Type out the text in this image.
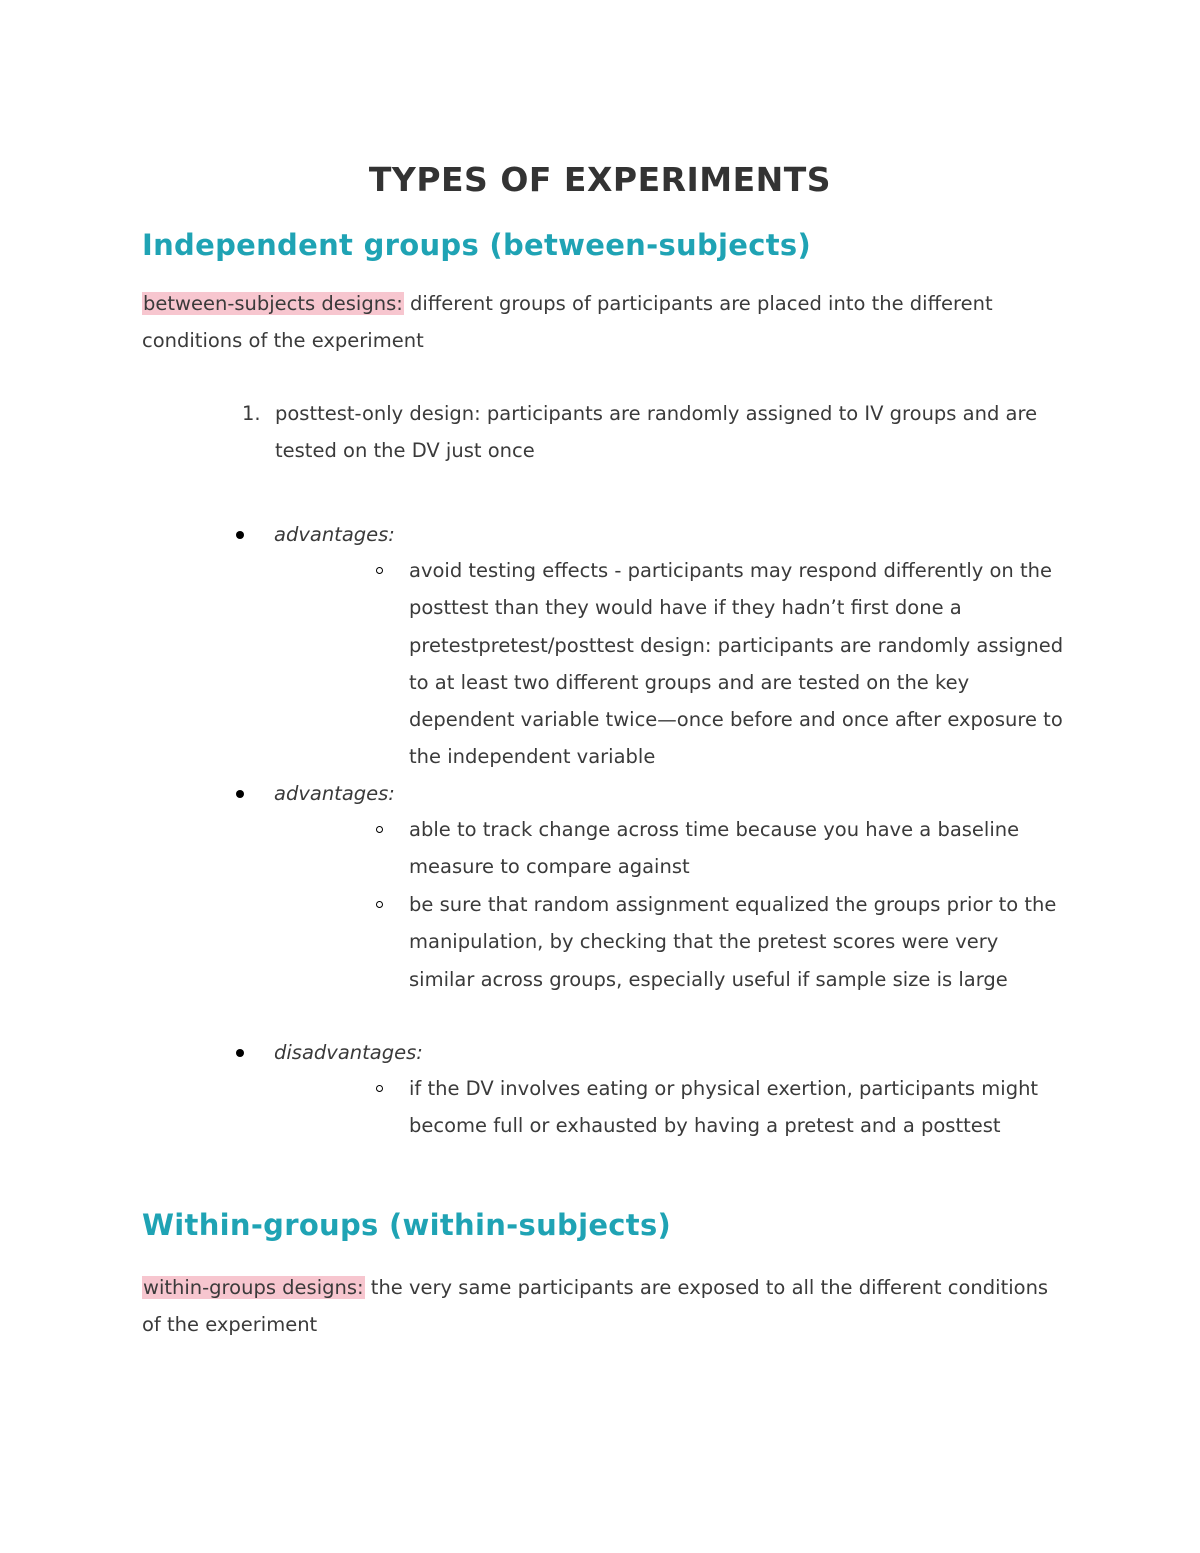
TYPES OF EXPERIMENTS
Independent groups (between-subjects)

between-subjects designs: different groups of participants are placed into the different conditions of the experiment

1. posttest-only design: participants are randomly assigned to IV groups and are tested on the DV just once
advantages:
avoid testing effects - participants may respond differently on the posttest than they would have if they hadn’t first done a pretestpretest/posttest design: participants are randomly assigned to at least two different groups and are tested on the key dependent variable twice—once before and once after exposure to the independent variable
advantages:
able to track change across time because you have a baseline measure to compare against
be sure that random assignment equalized the groups prior to the manipulation, by checking that the pretest scores were very similar across groups, especially useful if sample size is large
disadvantages:
if the DV involves eating or physical exertion, participants might become full or exhausted by having a pretest and a posttest
Within-groups (within-subjects)

within-groups designs: the very same participants are exposed to all the different conditions of the experiment
